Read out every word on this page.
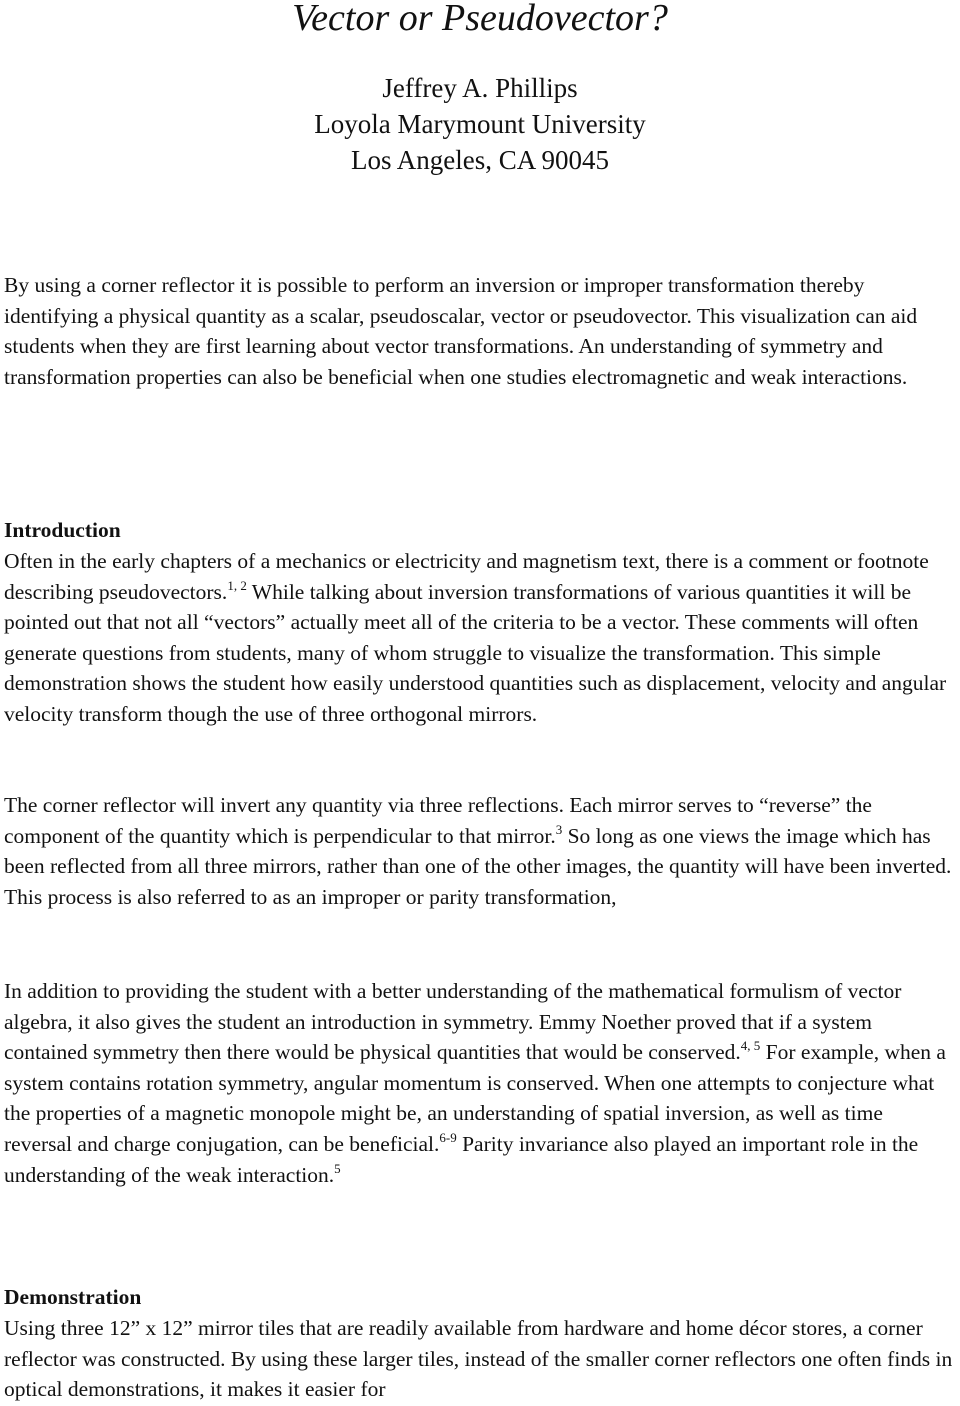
Vector or Pseudovector?
Jeffrey A. Phillips
Loyola Marymount University
Los Angeles, CA 90045

By using a corner reflector it is possible to perform an inversion or improper transformation thereby identifying a physical quantity as a scalar, pseudoscalar, vector or pseudovector. This visualization can aid students when they are first learning about vector transformations. An understanding of symmetry and transformation properties can also be beneficial when one studies electromagnetic and weak interactions.

Introduction

Often in the early chapters of a mechanics or electricity and magnetism text, there is a comment or footnote describing pseudovectors.$^{1, 2}$ While talking about inversion transformations of various quantities it will be pointed out that not all “vectors” actually meet all of the criteria to be a vector. These comments will often generate questions from students, many of whom struggle to visualize the transformation. This simple demonstration shows the student how easily understood quantities such as displacement, velocity and angular velocity transform though the use of three orthogonal mirrors.

The corner reflector will invert any quantity via three reflections. Each mirror serves to “reverse” the component of the quantity which is perpendicular to that mirror.$^3$ So long as one views the image which has been reflected from all three mirrors, rather than one of the other images, the quantity will have been inverted. This process is also referred to as an improper or parity transformation,

In addition to providing the student with a better understanding of the mathematical formulism of vector algebra, it also gives the student an introduction in symmetry. Emmy Noether proved that if a system contained symmetry then there would be physical quantities that would be conserved.$^{4, 5}$ For example, when a system contains rotation symmetry, angular momentum is conserved. When one attempts to conjecture what the properties of a magnetic monopole might be, an understanding of spatial inversion, as well as time reversal and charge conjugation, can be beneficial.$^{6-9}$ Parity invariance also played an important role in the understanding of the weak interaction.$^5$

Demonstration

Using three 12” x 12” mirror tiles that are readily available from hardware and home décor stores, a corner reflector was constructed. By using these larger tiles, instead of the smaller corner reflectors one often finds in optical demonstrations, it makes it easier for
